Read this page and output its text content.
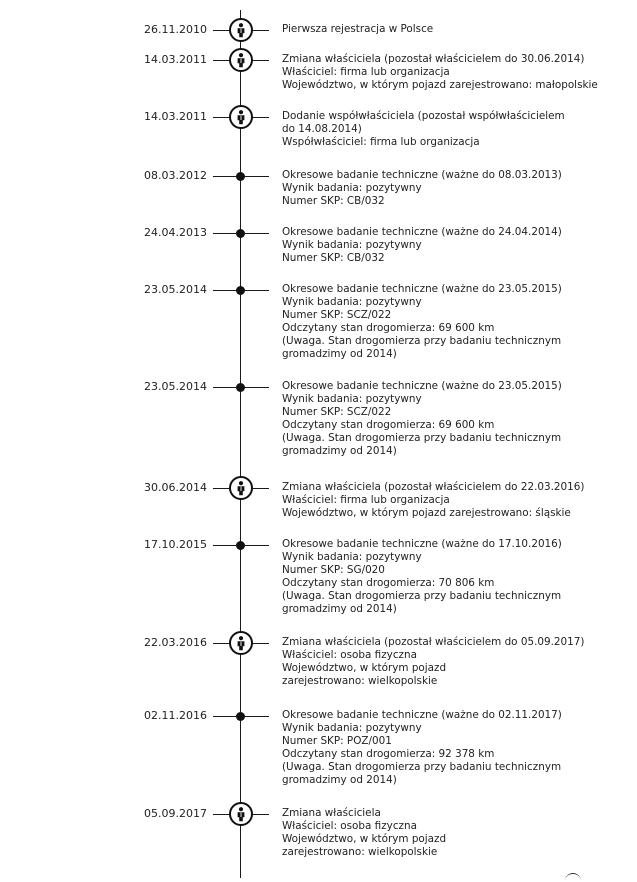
26.11.2010	Pierwsza rejestracja w Polsce
14.03.2011	Zmiana właściciela (pozostał właścicielem do 30.06.2014)
Właściciel: firma lub organizacja
Województwo, w którym pojazd zarejestrowano: małopolskie
14.03.2011	Dodanie współwłaściciela (pozostał współwłaścicielem
do 14.08.2014)
Współwłaściciel: firma lub organizacja
08.03.2012	Okresowe badanie techniczne (ważne do 08.03.2013)
Wynik badania: pozytywny
Numer SKP: CB/032
24.04.2013	Okresowe badanie techniczne (ważne do 24.04.2014)
Wynik badania: pozytywny
Numer SKP: CB/032
23.05.2014	Okresowe badanie techniczne (ważne do 23.05.2015)
Wynik badania: pozytywny
Numer SKP: SCZ/022
Odczytany stan drogomierza: 69 600 km
(Uwaga. Stan drogomierza przy badaniu technicznym
gromadzimy od 2014)
23.05.2014	Okresowe badanie techniczne (ważne do 23.05.2015)
Wynik badania: pozytywny
Numer SKP: SCZ/022
Odczytany stan drogomierza: 69 600 km
(Uwaga. Stan drogomierza przy badaniu technicznym
gromadzimy od 2014)
30.06.2014	Zmiana właściciela (pozostał właścicielem do 22.03.2016)
Właściciel: firma lub organizacja
Województwo, w którym pojazd zarejestrowano: śląskie
17.10.2015	Okresowe badanie techniczne (ważne do 17.10.2016)
Wynik badania: pozytywny
Numer SKP: SG/020
Odczytany stan drogomierza: 70 806 km
(Uwaga. Stan drogomierza przy badaniu technicznym
gromadzimy od 2014)
22.03.2016	Zmiana właściciela (pozostał właścicielem do 05.09.2017)
Właściciel: osoba fizyczna
Województwo, w którym pojazd
zarejestrowano: wielkopolskie
02.11.2016	Okresowe badanie techniczne (ważne do 02.11.2017)
Wynik badania: pozytywny
Numer SKP: POZ/001
Odczytany stan drogomierza: 92 378 km
(Uwaga. Stan drogomierza przy badaniu technicznym
gromadzimy od 2014)
05.09.2017	Zmiana właściciela
Właściciel: osoba fizyczna
Województwo, w którym pojazd
zarejestrowano: wielkopolskie
